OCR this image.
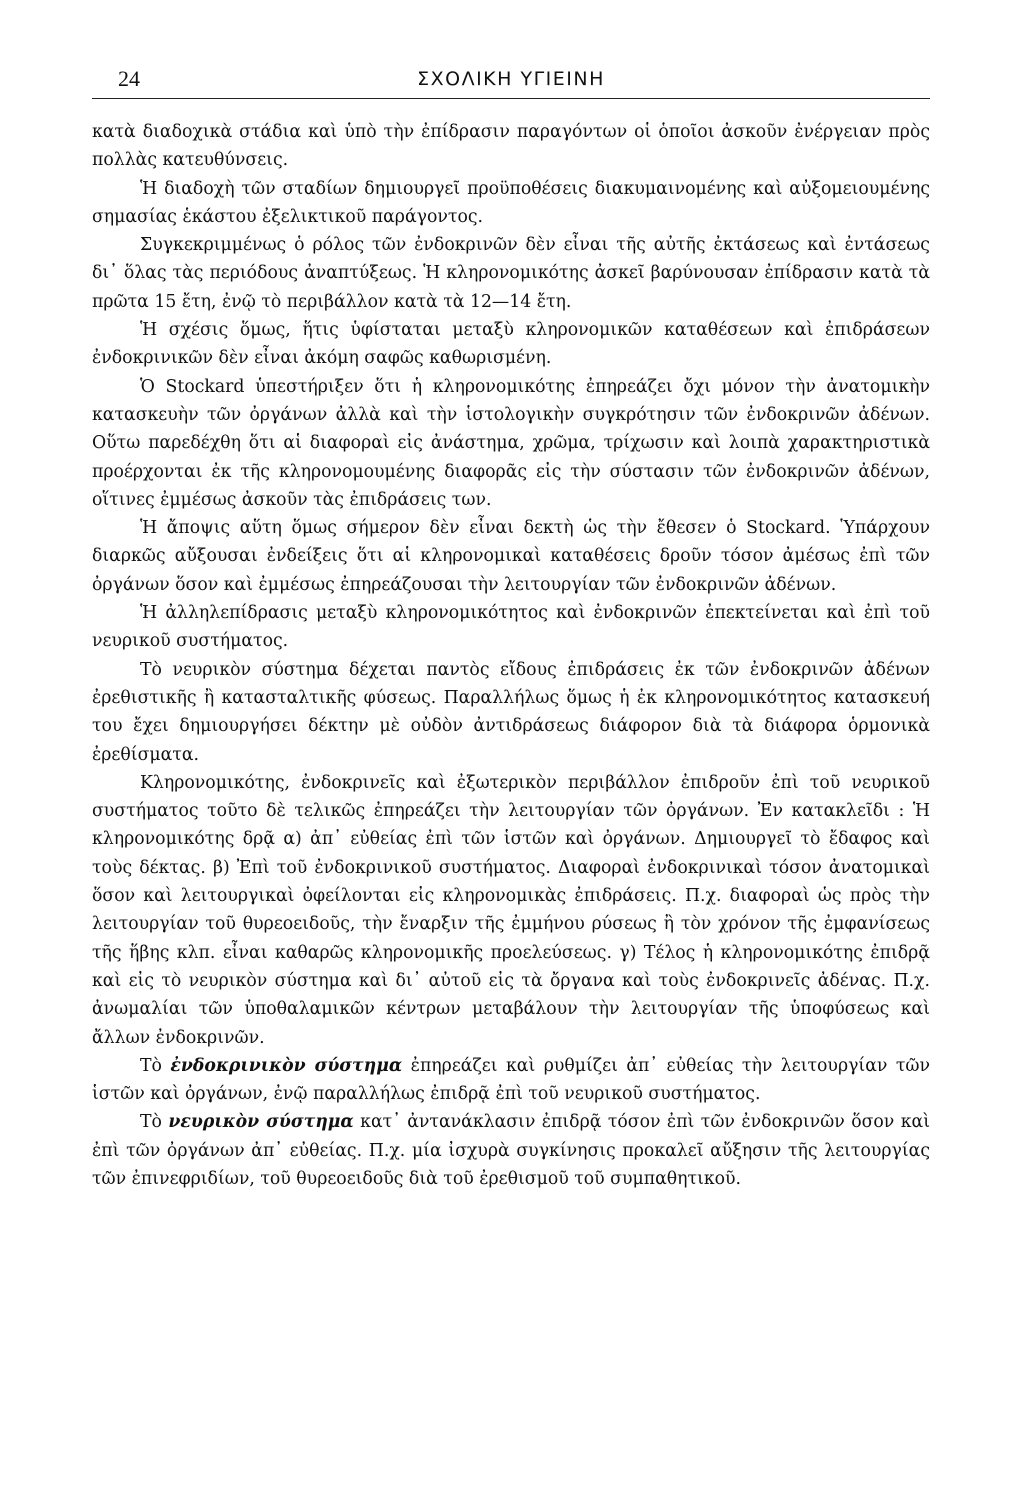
24	ΣΧΟΛΙΚΗ ΥΓΙΕΙΝΗ

κατὰ διαδοχικὰ στάδια καὶ ὑπὸ τὴν ἐπίδρασιν παραγόντων οἱ ὁποῖοι ἀσκοῦν ἐνέργειαν πρὸς πολλὰς κατευθύνσεις.

Ἡ διαδοχὴ τῶν σταδίων δημιουργεῖ προϋποθέσεις διακυμαινομένης καὶ αὐξομειουμένης σημασίας ἑκάστου ἐξελικτικοῦ παράγοντος.

Συγκεκριμμένως ὁ ρόλος τῶν ἐνδοκρινῶν δὲν εἶναι τῆς αὐτῆς ἐκτάσεως καὶ ἐντάσεως δι᾽ ὅλας τὰς περιόδους ἀναπτύξεως. Ἡ κληρονομικότης ἀσκεῖ βαρύνουσαν ἐπίδρασιν κατὰ τὰ πρῶτα 15 ἔτη, ἐνῷ τὸ περιβάλλον κατὰ τὰ 12—14 ἔτη.

Ἡ σχέσις ὅμως, ἥτις ὑφίσταται μεταξὺ κληρονομικῶν καταθέσεων καὶ ἐπιδράσεων ἐνδοκρινικῶν δὲν εἶναι ἀκόμη σαφῶς καθωρισμένη.

Ὁ Stockard ὑπεστήριξεν ὅτι ἡ κληρονομικότης ἐπηρεάζει ὄχι μόνον τὴν ἀνατομικὴν κατασκευὴν τῶν ὀργάνων ἀλλὰ καὶ τὴν ἱστολογικὴν συγκρότησιν τῶν ἐνδοκρινῶν ἀδένων. Οὕτω παρεδέχθη ὅτι αἱ διαφοραὶ εἰς ἀνάστημα, χρῶμα, τρίχωσιν καὶ λοιπὰ χαρακτηριστικὰ προέρχονται ἐκ τῆς κληρονομουμένης διαφορᾶς εἰς τὴν σύστασιν τῶν ἐνδοκρινῶν ἀδένων, οἵτινες ἐμμέσως ἀσκοῦν τὰς ἐπιδράσεις των.

Ἡ ἄποψις αὕτη ὅμως σήμερον δὲν εἶναι δεκτὴ ὡς τὴν ἔθεσεν ὁ Stockard. Ὑπάρχουν διαρκῶς αὔξουσαι ἐνδείξεις ὅτι αἱ κληρονομικαὶ καταθέσεις δροῦν τόσον ἀμέσως ἐπὶ τῶν ὀργάνων ὅσον καὶ ἐμμέσως ἐπηρεάζουσαι τὴν λειτουργίαν τῶν ἐνδοκρινῶν ἀδένων.

Ἡ ἀλληλεπίδρασις μεταξὺ κληρονομικότητος καὶ ἐνδοκρινῶν ἐπεκτείνεται καὶ ἐπὶ τοῦ νευρικοῦ συστήματος.

Τὸ νευρικὸν σύστημα δέχεται παντὸς εἴδους ἐπιδράσεις ἐκ τῶν ἐνδοκρινῶν ἀδένων ἐρεθιστικῆς ἢ κατασταλτικῆς φύσεως. Παραλλήλως ὅμως ἡ ἐκ κληρονομικότητος κατασκευή του ἔχει δημιουργήσει δέκτην μὲ οὐδὸν ἀντιδράσεως διάφορον διὰ τὰ διάφορα ὁρμονικὰ ἐρεθίσματα.

Κληρονομικότης, ἐνδοκρινεῖς καὶ ἐξωτερικὸν περιβάλλον ἐπιδροῦν ἐπὶ τοῦ νευρικοῦ συστήματος τοῦτο δὲ τελικῶς ἐπηρεάζει τὴν λειτουργίαν τῶν ὀργάνων. Ἐν κατακλεῖδι : Ἡ κληρονομικότης δρᾷ α) ἀπ᾽ εὐθείας ἐπὶ τῶν ἱστῶν καὶ ὀργάνων. Δημιουργεῖ τὸ ἔδαφος καὶ τοὺς δέκτας. β) Ἐπὶ τοῦ ἐνδοκρινικοῦ συστήματος. Διαφοραὶ ἐνδοκρινικαὶ τόσον ἀνατομικαὶ ὅσον καὶ λειτουργικαὶ ὀφείλονται εἰς κληρονομικὰς ἐπιδράσεις. Π.χ. διαφοραὶ ὡς πρὸς τὴν λειτουργίαν τοῦ θυρεοειδοῦς, τὴν ἔναρξιν τῆς ἐμμήνου ρύσεως ἢ τὸν χρόνον τῆς ἐμφανίσεως τῆς ἥβης κλπ. εἶναι καθαρῶς κληρονομικῆς προελεύσεως. γ) Τέλος ἡ κληρονομικότης ἐπιδρᾷ καὶ εἰς τὸ νευρικὸν σύστημα καὶ δι᾽ αὐτοῦ εἰς τὰ ὄργανα καὶ τοὺς ἐνδοκρινεῖς ἀδένας. Π.χ. ἀνωμαλίαι τῶν ὑποθαλαμικῶν κέντρων μεταβάλουν τὴν λειτουργίαν τῆς ὑποφύσεως καὶ ἄλλων ἐνδοκρινῶν.

Τὸ ἐνδοκρινικὸν σύστημα ἐπηρεάζει καὶ ρυθμίζει ἀπ᾽ εὐθείας τὴν λειτουργίαν τῶν ἱστῶν καὶ ὀργάνων, ἐνῷ παραλλήλως ἐπιδρᾷ ἐπὶ τοῦ νευρικοῦ συστήματος.

Τὸ νευρικὸν σύστημα κατ᾽ ἀντανάκλασιν ἐπιδρᾷ τόσον ἐπὶ τῶν ἐνδοκρινῶν ὅσον καὶ ἐπὶ τῶν ὀργάνων ἀπ᾽ εὐθείας. Π.χ. μία ἰσχυρὰ συγκίνησις προκαλεῖ αὔξησιν τῆς λειτουργίας τῶν ἐπινεφριδίων, τοῦ θυρεοειδοῦς διὰ τοῦ ἐρεθισμοῦ τοῦ συμπαθητικοῦ.
